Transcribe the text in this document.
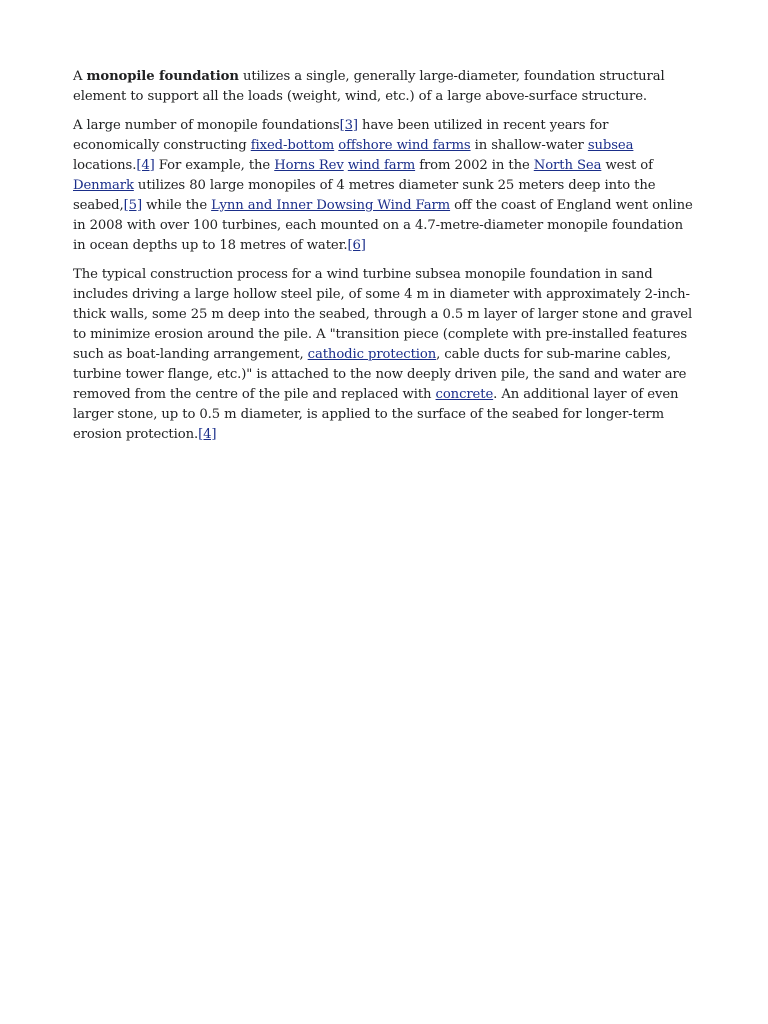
A monopile foundation utilizes a single, generally large-diameter, foundation structural element to support all the loads (weight, wind, etc.) of a large above-surface structure.

A large number of monopile foundations[3] have been utilized in recent years for economically constructing fixed-bottom offshore wind farms in shallow-water subsea locations.[4] For example, the Horns Rev wind farm from 2002 in the North Sea west of Denmark utilizes 80 large monopiles of 4 metres diameter sunk 25 meters deep into the seabed,[5] while the Lynn and Inner Dowsing Wind Farm off the coast of England went online in 2008 with over 100 turbines, each mounted on a 4.7-metre-diameter monopile foundation in ocean depths up to 18 metres of water.[6]

The typical construction process for a wind turbine subsea monopile foundation in sand includes driving a large hollow steel pile, of some 4 m in diameter with approximately 2-inch-thick walls, some 25 m deep into the seabed, through a 0.5 m layer of larger stone and gravel to minimize erosion around the pile. A "transition piece (complete with pre-installed features such as boat-landing arrangement, cathodic protection, cable ducts for sub-marine cables, turbine tower flange, etc.)" is attached to the now deeply driven pile, the sand and water are removed from the centre of the pile and replaced with concrete. An additional layer of even larger stone, up to 0.5 m diameter, is applied to the surface of the seabed for longer-term erosion protection.[4]
